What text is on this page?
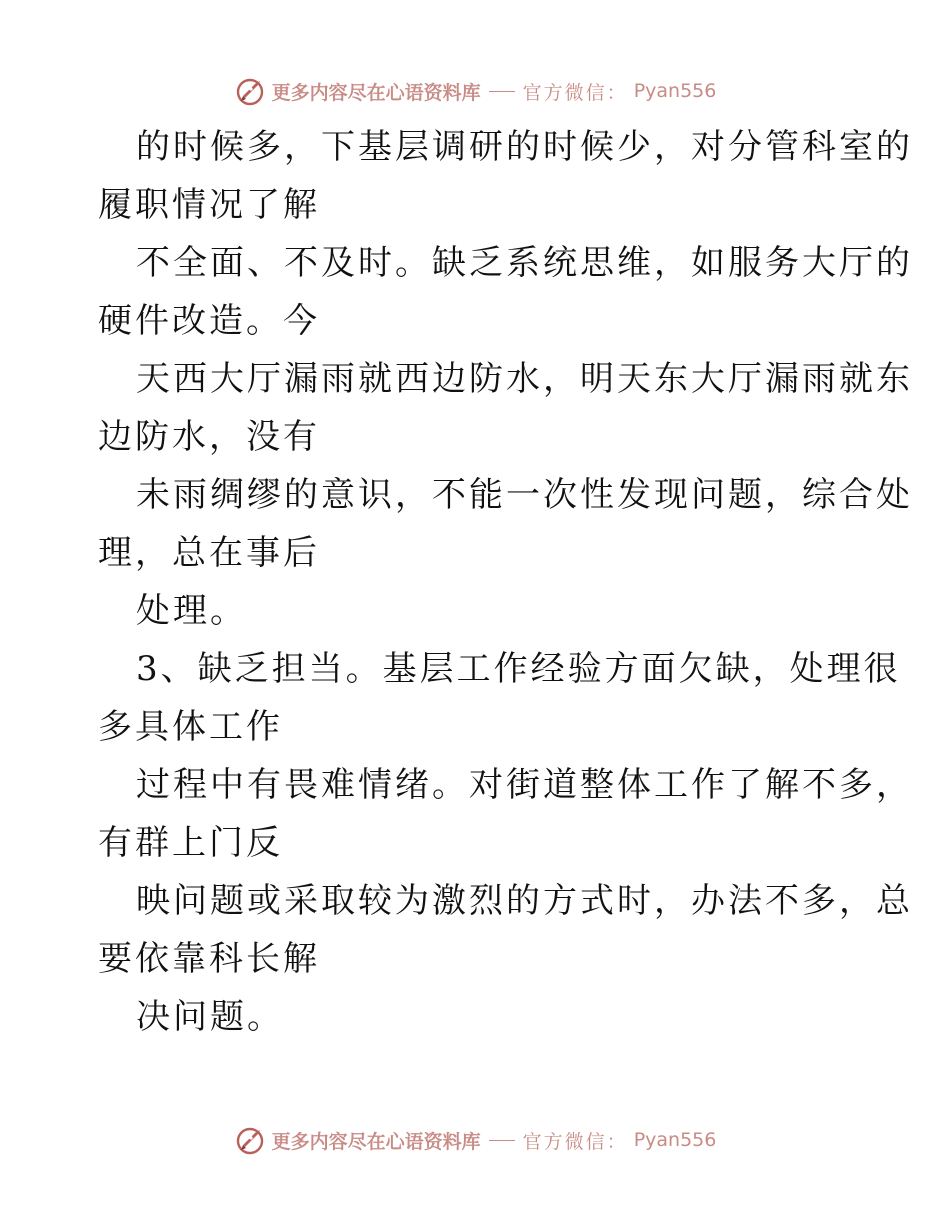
更多内容尽在心语资料库 官方微信： Pyan556
的时候多，下基层调研的时候少，对分管科室的
履职情况了解
不全面、不及时。缺乏系统思维，如服务大厅的
硬件改造。今
天西大厅漏雨就西边防水，明天东大厅漏雨就东
边防水，没有
未雨绸缪的意识，不能一次性发现问题，综合处
理，总在事后
处理。
3、缺乏担当。基层工作经验方面欠缺，处理很
多具体工作
过程中有畏难情绪。对街道整体工作了解不多，
有群上门反
映问题或采取较为激烈的方式时，办法不多，总
要依靠科长解
决问题。
更多内容尽在心语资料库 官方微信： Pyan556
